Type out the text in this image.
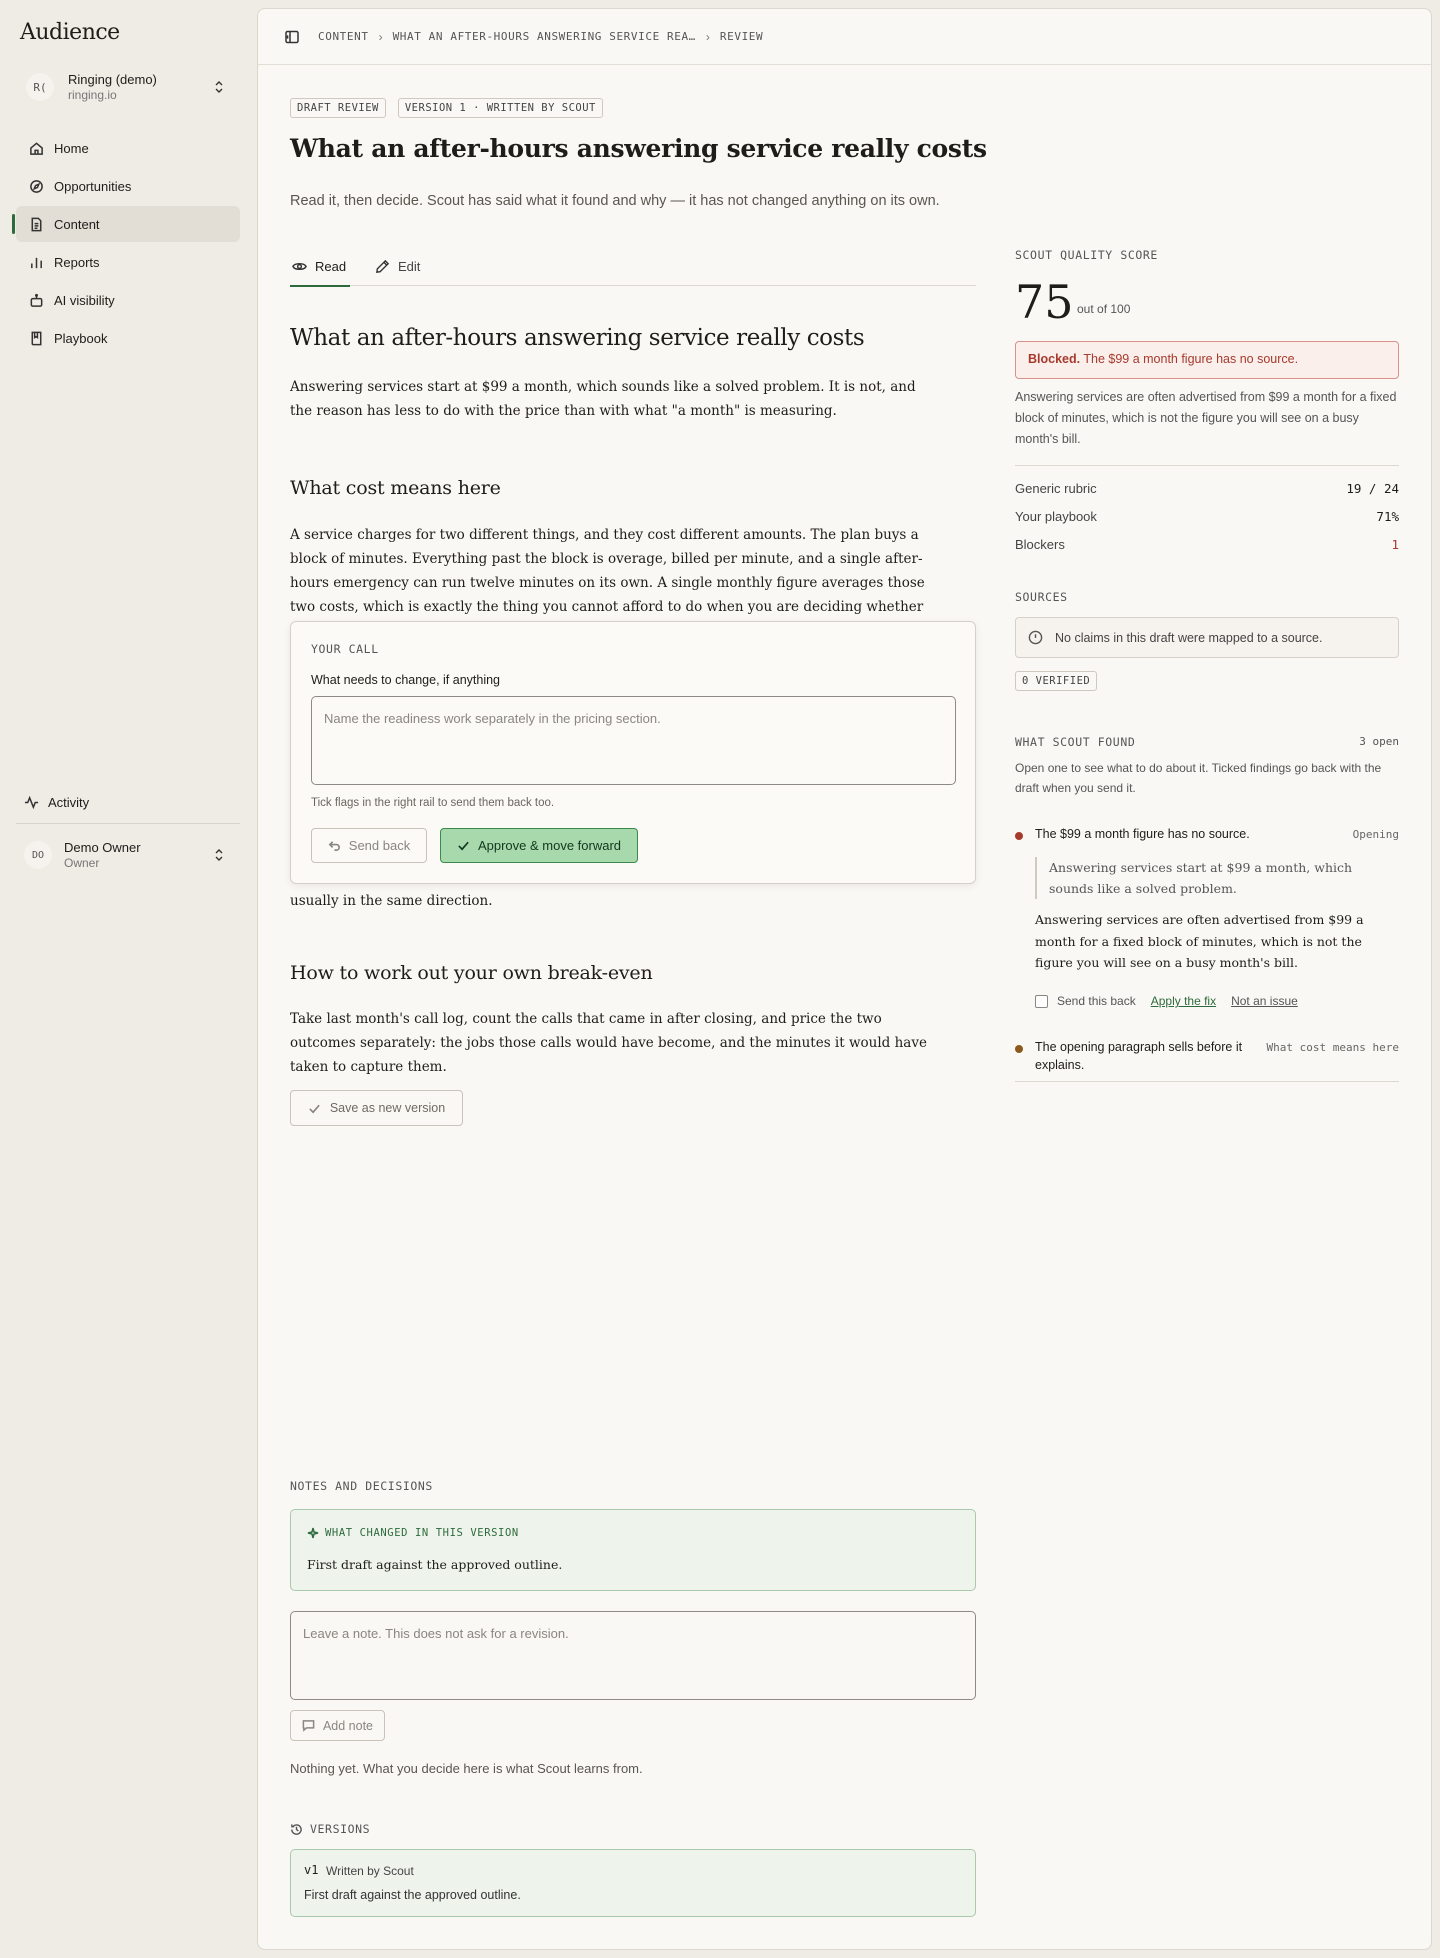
Audience
R(	Ringing (demo)
ringing.io
Home
Opportunities
Content
Reports
AI visibility
Playbook
Activity
DO	Demo Owner
Owner
CONTENT › WHAT AN AFTER-HOURS ANSWERING SERVICE REA… › REVIEW
DRAFT REVIEW	VERSION 1 · WRITTEN BY SCOUT
What an after-hours answering service really costs
Read it, then decide. Scout has said what it found and why — it has not changed anything on its own.
Read	Edit
What an after-hours answering service really costs

Answering services start at $99 a month, which sounds like a solved problem. It is not, and the reason has less to do with the price than with what "a month" is measuring.

What cost means here

A service charges for two different things, and they cost different amounts. The plan buys a block of minutes. Everything past the block is overage, billed per minute, and a single after-hours emergency can run twelve minutes on its own. A single monthly figure averages those two costs, which is exactly the thing you cannot afford to do when you are deciding whether

usually in the same direction.

How to work out your own break-even

Take last month's call log, count the calls that came in after closing, and price the two outcomes separately: the jobs those calls would have become, and the minutes it would have taken to capture them.

YOUR CALL
What needs to change, if anything
Name the readiness work separately in the pricing section.
Tick flags in the right rail to send them back too.
Send back	Approve & move forward
Save as new version
NOTES AND DECISIONS
WHAT CHANGED IN THIS VERSION
First draft against the approved outline.
Leave a note. This does not ask for a revision.
Add note
Nothing yet. What you decide here is what Scout learns from.
VERSIONS
v1 Written by Scout
First draft against the approved outline.
SCOUT QUALITY SCORE
75 out of 100
Blocked. The $99 a month figure has no source.
Answering services are often advertised from $99 a month for a fixed block of minutes, which is not the figure you will see on a busy month's bill.
Generic rubric	19 / 24
Your playbook	71%
Blockers	1
SOURCES
No claims in this draft were mapped to a source.
0 VERIFIED
WHAT SCOUT FOUND	3 open
Open one to see what to do about it. Ticked findings go back with the draft when you send it.
The $99 a month figure has no source.	Opening
Answering services start at $99 a month, which sounds like a solved problem.
Answering services are often advertised from $99 a month for a fixed block of minutes, which is not the figure you will see on a busy month's bill.
Send this back Apply the fix Not an issue
The opening paragraph sells before it explains.
What cost means here
